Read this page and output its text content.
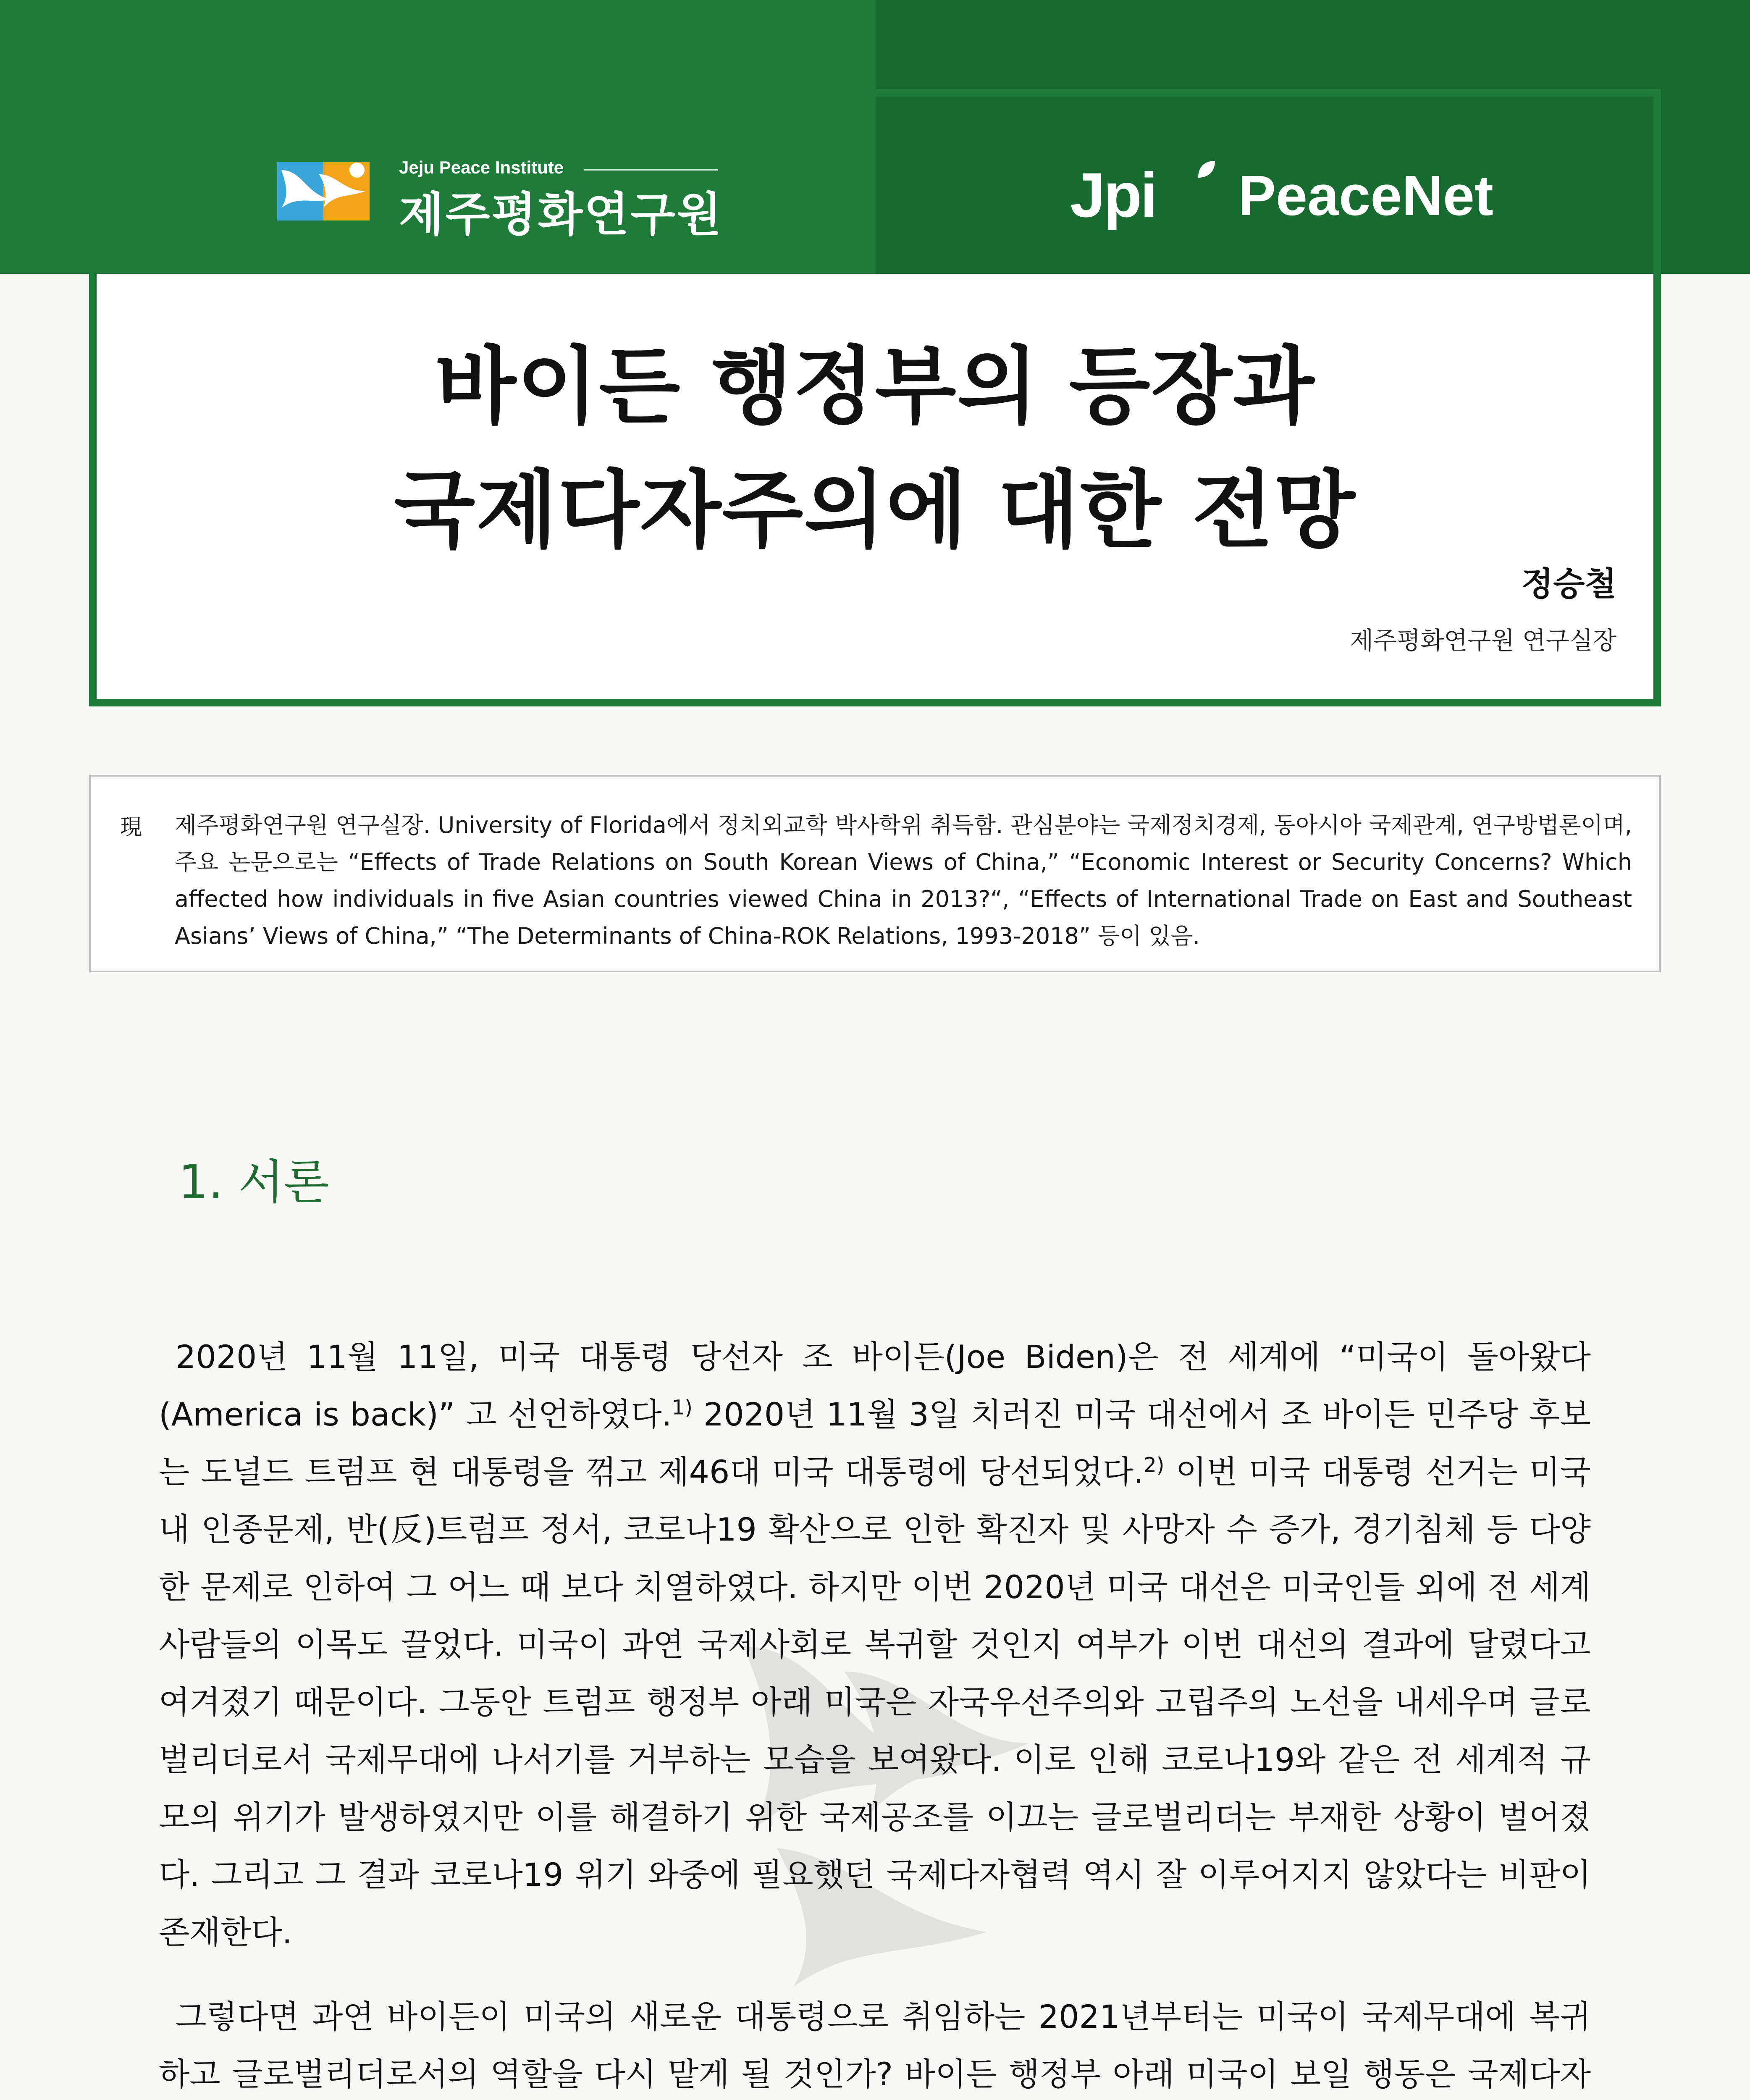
Jeju Peace Institute
제주평화연구원	Jpi PeaceNet
바이든 행정부의 등장과
국제다자주의에 대한 전망
정승철
제주평화연구원 연구실장
現 제주평화연구원 연구실장. University of Florida에서 정치외교학 박사학위 취득함. 관심분야는 국제정치경제, 동아시아 국제관계, 연구방법론이며, 주요 논문으로는 “Effects of Trade Relations on South Korean Views of China,” “Economic Interest or Security Concerns? Which affected how individuals in five Asian countries viewed China in 2013?“, “Effects of International Trade on East and Southeast Asians’ Views of China,” “The Determinants of China-ROK Relations, 1993-2018” 등이 있음.
1. 서론
2020년 11월 11일, 미국 대통령 당선자 조 바이든(Joe Biden)은 전 세계에 “미국이 돌아왔다(America is back)” 고 선언하였다.$^{1)}$ 2020년 11월 3일 치러진 미국 대선에서 조 바이든 민주당 후보는 도널드 트럼프 현 대통령을 꺾고 제46대 미국 대통령에 당선되었다.$^{2)}$ 이번 미국 대통령 선거는 미국 내 인종문제, 반(反)트럼프 정서, 코로나19 확산으로 인한 확진자 및 사망자 수 증가, 경기침체 등 다양한 문제로 인하여 그 어느 때 보다 치열하였다. 하지만 이번 2020년 미국 대선은 미국인들 외에 전 세계사람들의 이목도 끌었다. 미국이 과연 국제사회로 복귀할 것인지 여부가 이번 대선의 결과에 달렸다고 여겨졌기 때문이다. 그동안 트럼프 행정부 아래 미국은 자국우선주의와 고립주의 노선을 내세우며 글로벌리더로서 국제무대에 나서기를 거부하는 모습을 보여왔다. 이로 인해 코로나19와 같은 전 세계적 규모의 위기가 발생하였지만 이를 해결하기 위한 국제공조를 이끄는 글로벌리더는 부재한 상황이 벌어졌다. 그리고 그 결과 코로나19 위기 와중에 필요했던 국제다자협력 역시 잘 이루어지지 않았다는 비판이 존재한다.
그렇다면 과연 바이든이 미국의 새로운 대통령으로 취임하는 2021년부터는 미국이 국제무대에 복귀하고 글로벌리더로서의 역할을 다시 맡게 될 것인가? 바이든 행정부 아래 미국이 보일 행동은 국제다자
